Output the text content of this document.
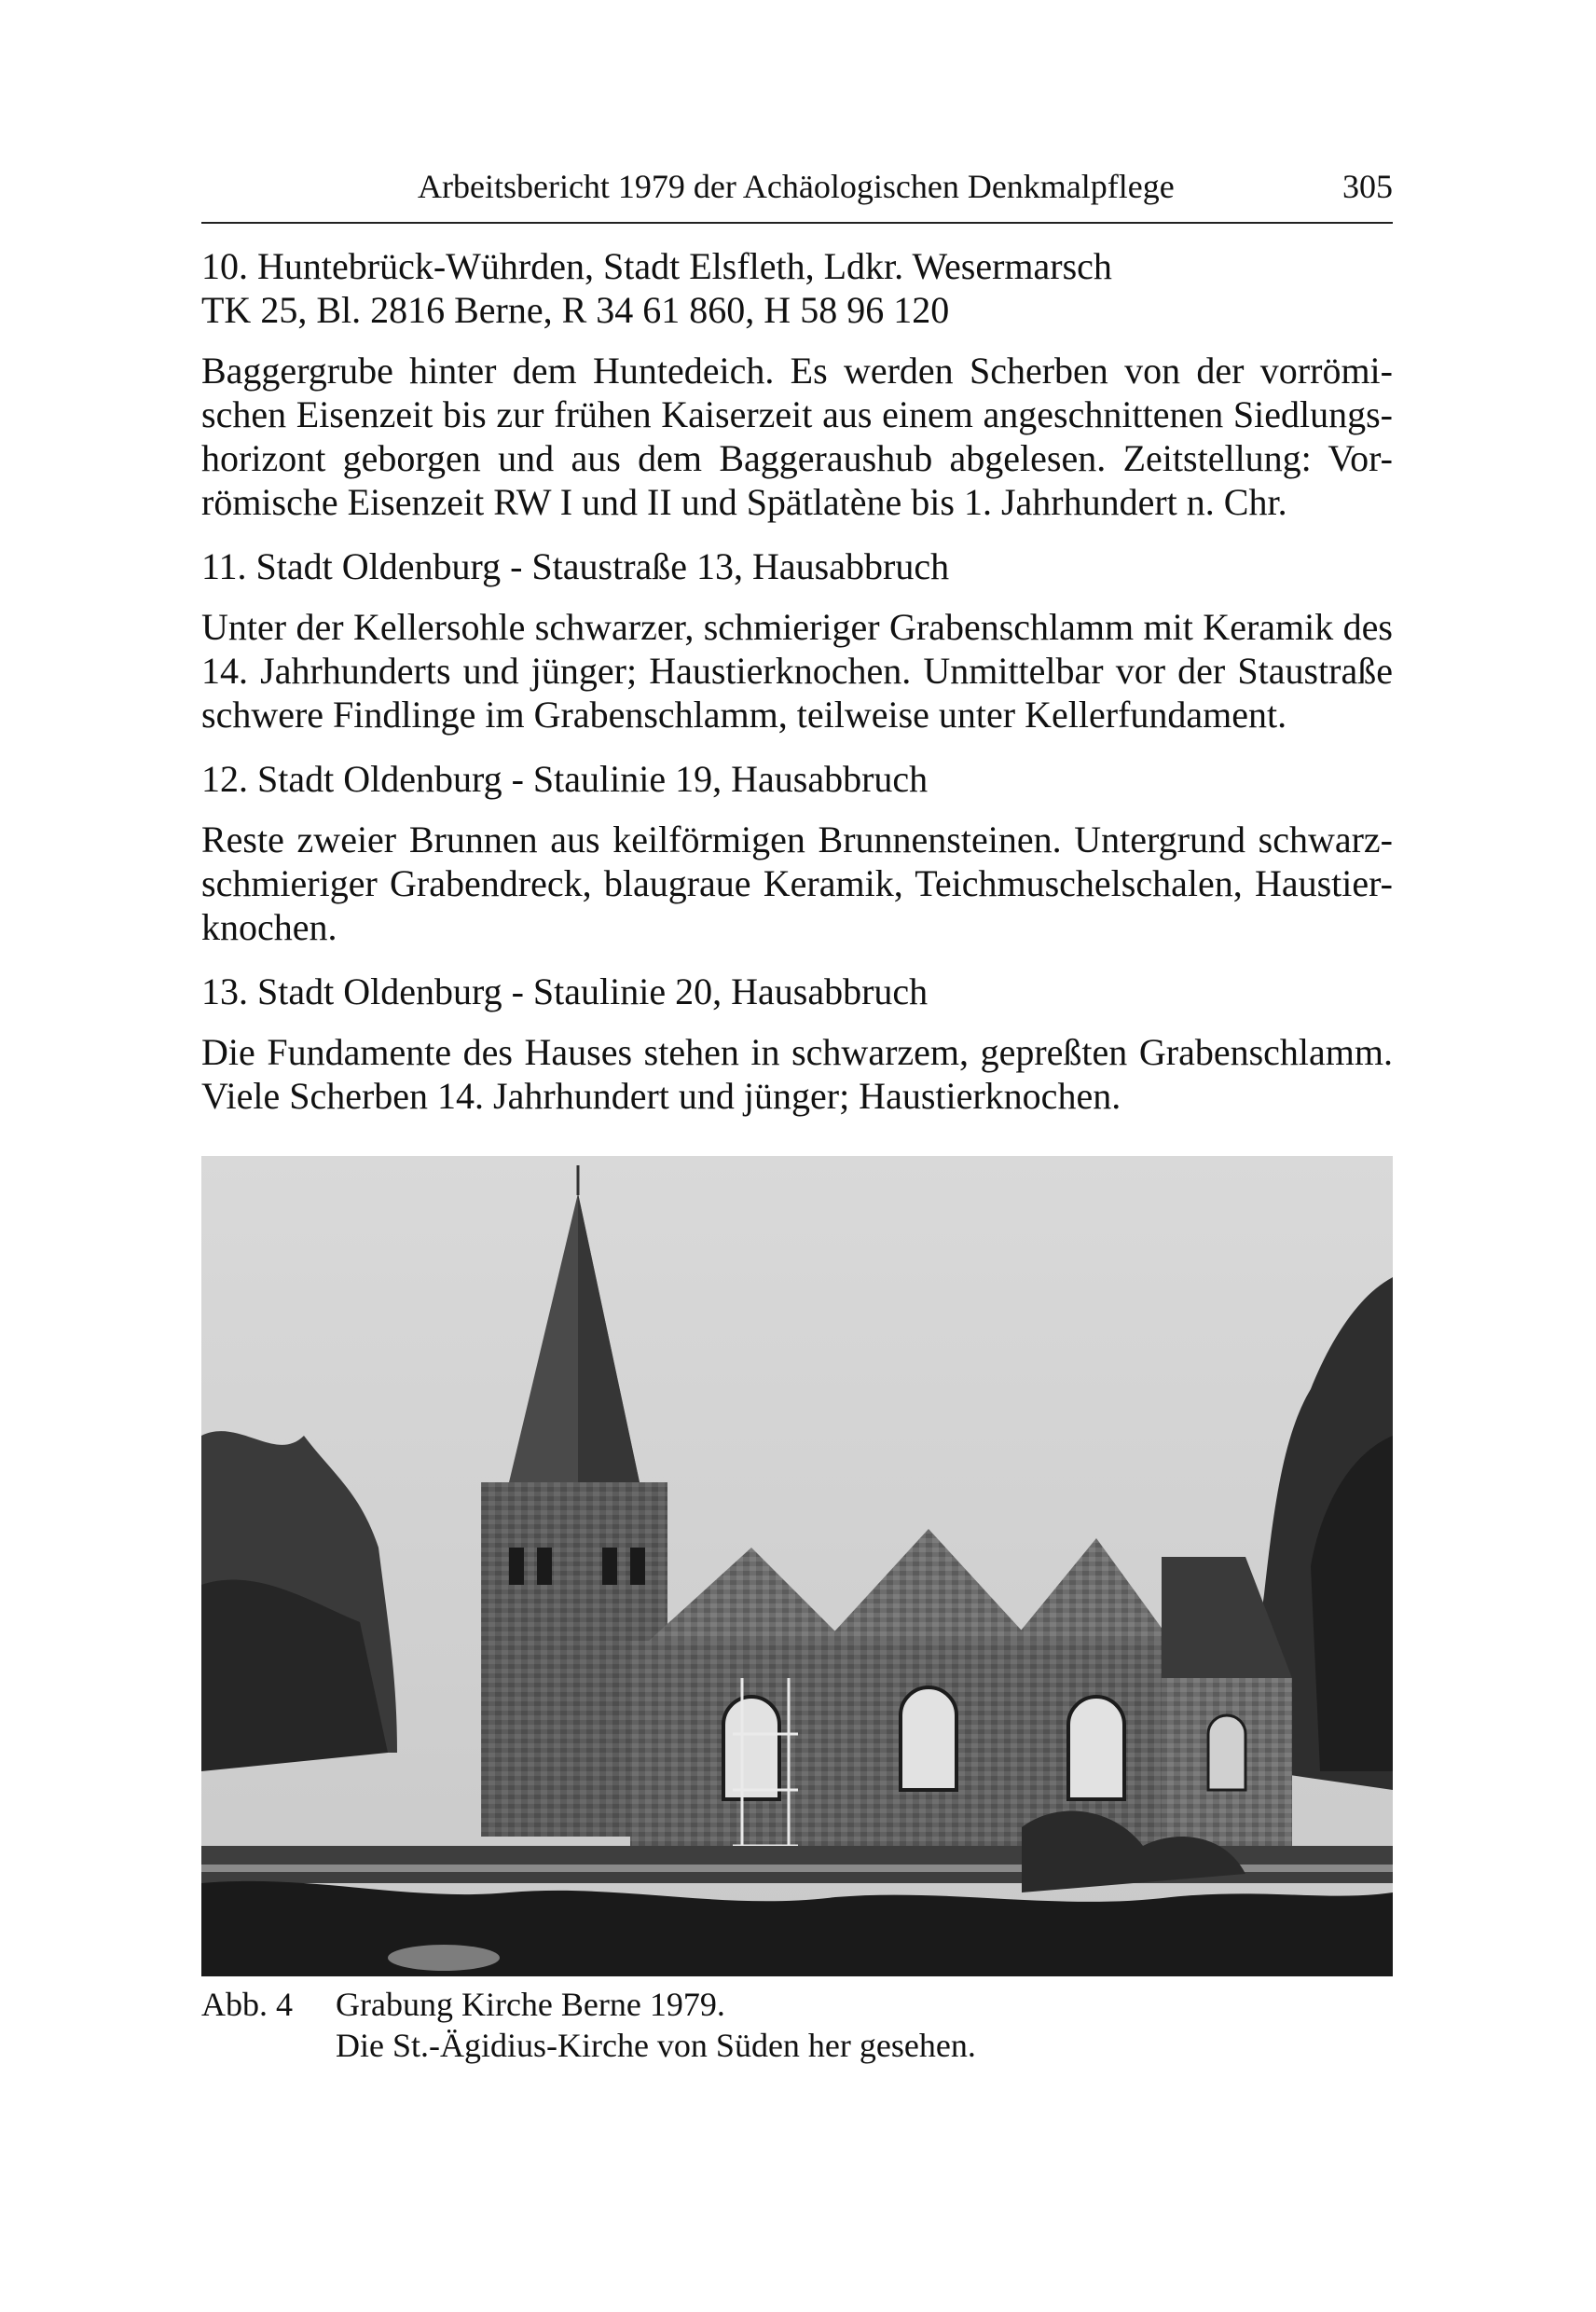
Arbeitsbericht 1979 der Achäologischen Denkmalpflege	305
10. Huntebrück-Wührden, Stadt Elsfleth, Ldkr. Wesermarsch
TK 25, Bl. 2816 Berne, R 34 61 860, H 58 96 120
Baggergrube hinter dem Huntedeich. Es werden Scherben von der vorrömi-
schen Eisenzeit bis zur frühen Kaiserzeit aus einem angeschnittenen Siedlungs-
horizont geborgen und aus dem Baggeraushub abgelesen. Zeitstellung: Vor-
römische Eisenzeit RW I und II und Spätlatène bis 1. Jahrhundert n. Chr.
11. Stadt Oldenburg - Staustraße 13, Hausabbruch
Unter der Kellersohle schwarzer, schmieriger Grabenschlamm mit Keramik des
14. Jahrhunderts und jünger; Haustierknochen. Unmittelbar vor der Staustraße
schwere Findlinge im Grabenschlamm, teilweise unter Kellerfundament.
12. Stadt Oldenburg - Staulinie 19, Hausabbruch
Reste zweier Brunnen aus keilförmigen Brunnensteinen. Untergrund schwarz-
schmieriger Grabendreck, blaugraue Keramik, Teichmuschelschalen, Haustier-
knochen.
13. Stadt Oldenburg - Staulinie 20, Hausabbruch
Die Fundamente des Hauses stehen in schwarzem, gepreßten Grabenschlamm.
Viele Scherben 14. Jahrhundert und jünger; Haustierknochen.
Abb. 4 Grabung Kirche Berne 1979.
Die St.-Ägidius-Kirche von Süden her gesehen.
